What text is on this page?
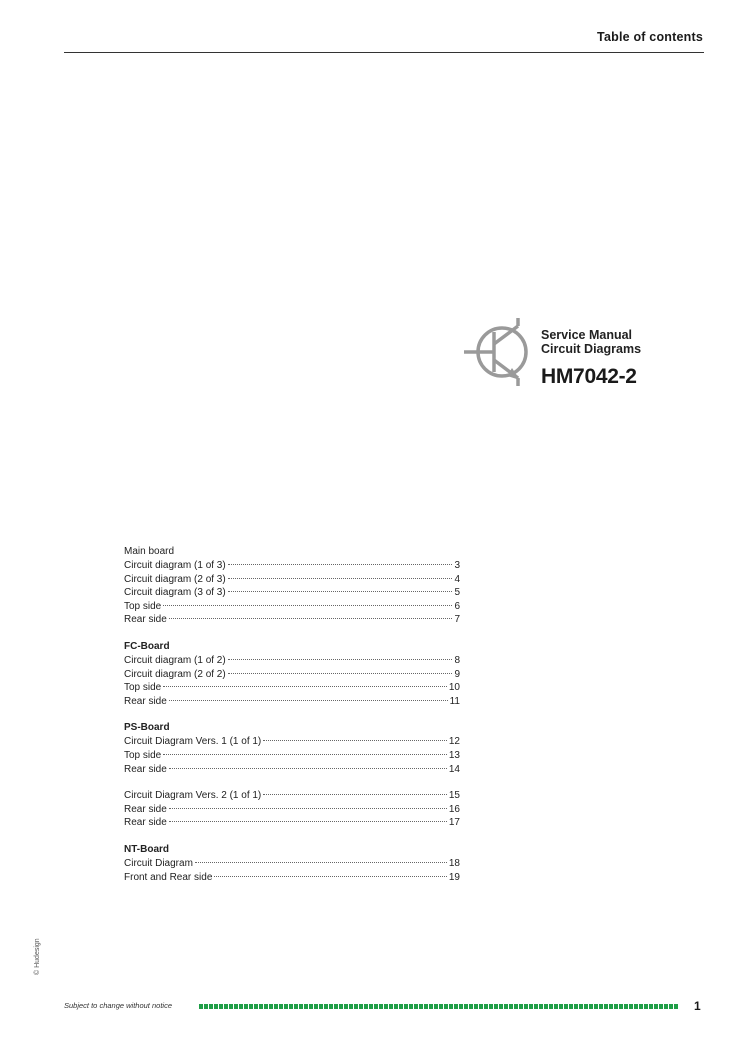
Table of contents
Service Manual
Circuit Diagrams
HM7042-2
Main board
Circuit diagram (1 of 3)	3
Circuit diagram (2 of 3)	4
Circuit diagram (3 of 3)	5
Top side	6
Rear side	7
FC-Board
Circuit diagram (1 of 2)	8
Circuit diagram (2 of 2)	9
Top side	10
Rear side	11
PS-Board
Circuit Diagram Vers. 1 (1 of 1)	12
Top side	13
Rear side	14
Circuit Diagram Vers. 2 (1 of 1)	15
Rear side	16
Rear side	17
NT-Board
Circuit Diagram	18
Front and Rear side	19
© Hudesign
Subject to change without notice	1
